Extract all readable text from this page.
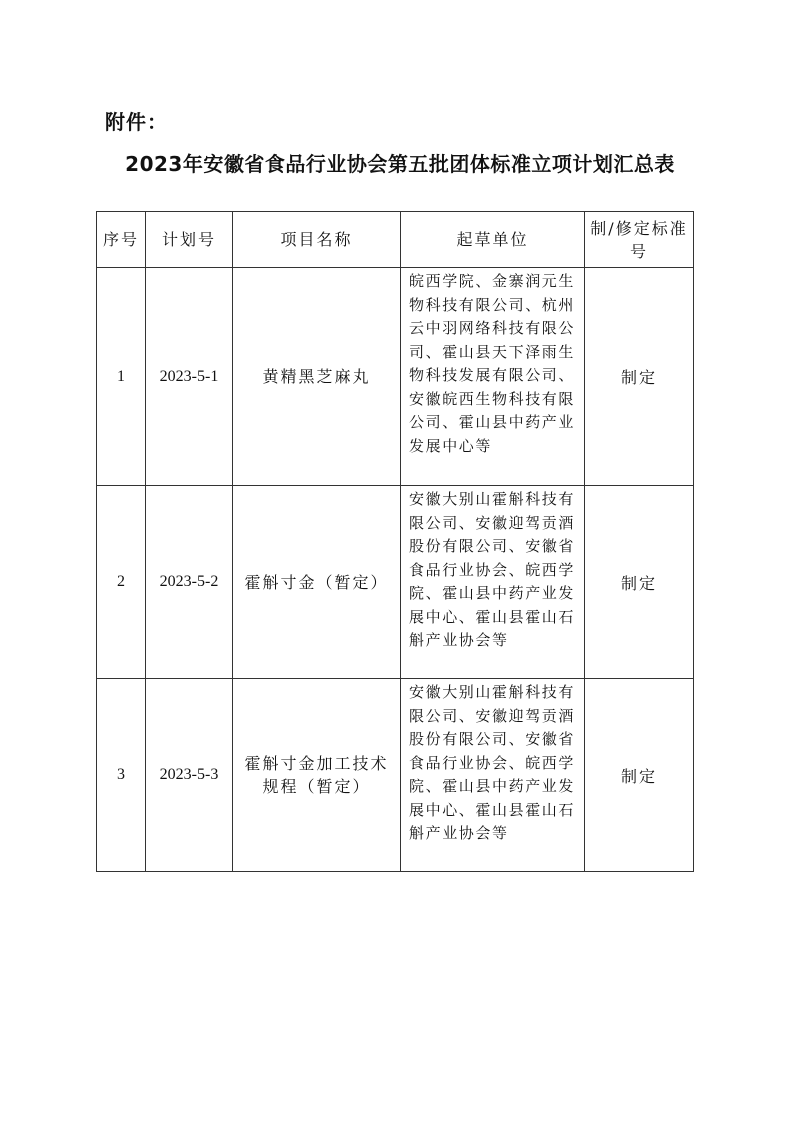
附件：
2023年安徽省食品行业协会第五批团体标准立项计划汇总表
序号	计划号	项目名称	起草单位	制/修定标准号
1	2023-5-1	黄精黑芝麻丸	皖西学院、金寨润元生物科技有限公司、杭州云中羽网络科技有限公司、霍山县天下泽雨生物科技发展有限公司、安徽皖西生物科技有限公司、霍山县中药产业发展中心等	制定
2	2023-5-2	霍斛寸金（暂定）	安徽大别山霍斛科技有限公司、安徽迎驾贡酒股份有限公司、安徽省食品行业协会、皖西学院、霍山县中药产业发展中心、霍山县霍山石斛产业协会等	制定
3	2023-5-3	霍斛寸金加工技术规程（暂定）	安徽大别山霍斛科技有限公司、安徽迎驾贡酒股份有限公司、安徽省食品行业协会、皖西学院、霍山县中药产业发展中心、霍山县霍山石斛产业协会等	制定
